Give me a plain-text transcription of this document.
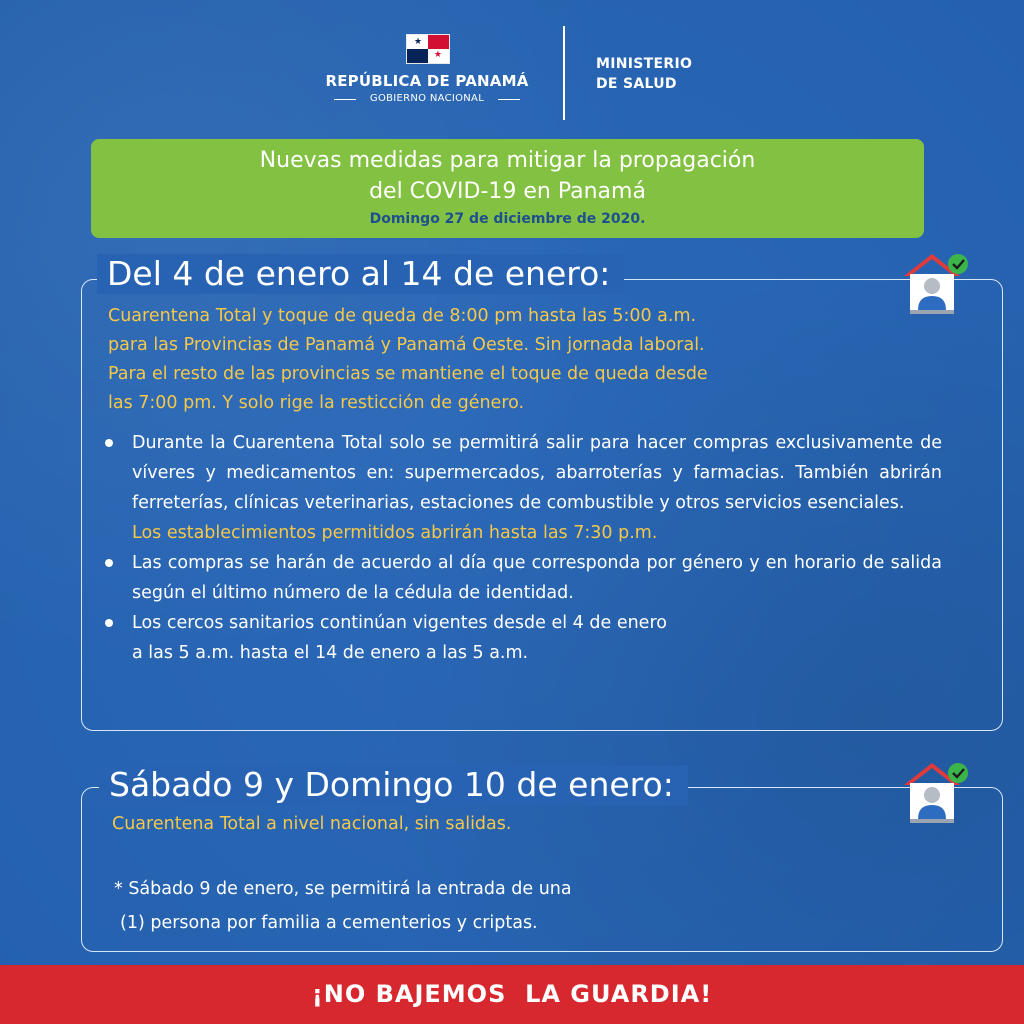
★
★
REPÚBLICA DE PANAMÁ
GOBIERNO NACIONAL
MINISTERIO
DE SALUD
Nuevas medidas para mitigar la propagación
del COVID-19 en Panamá
Domingo 27 de diciembre de 2020.
Del 4 de enero al 14 de enero:
Cuarentena Total y toque de queda de 8:00 pm hasta las 5:00 a.m.
para las Provincias de Panamá y Panamá Oeste. Sin jornada laboral.
Para el resto de las provincias se mantiene el toque de queda desde
las 7:00 pm. Y solo rige la resticción de género.

Durante la Cuarentena Total solo se permitirá salir para hacer compras exclusivamente de víveres y medicamentos en: supermercados, abarroterías y farmacias. También abrirán ferreterías, clínicas veterinarias, estaciones de combustible y otros servicios esenciales.

Los establecimientos permitidos abrirán hasta las 7:30 p.m.

Las compras se harán de acuerdo al día que corresponda por género y en horario de salida según el último número de la cédula de identidad.

Los cercos sanitarios continúan vigentes desde el 4 de enero

a las 5 a.m. hasta el 14 de enero a las 5 a.m.

Sábado 9 y Domingo 10 de enero:
Cuarentena Total a nivel nacional, sin salidas.
* Sábado 9 de enero, se permitirá la entrada de una
(1) persona por familia a cementerios y criptas.
¡NO BAJEMOS  LA GUARDIA!
